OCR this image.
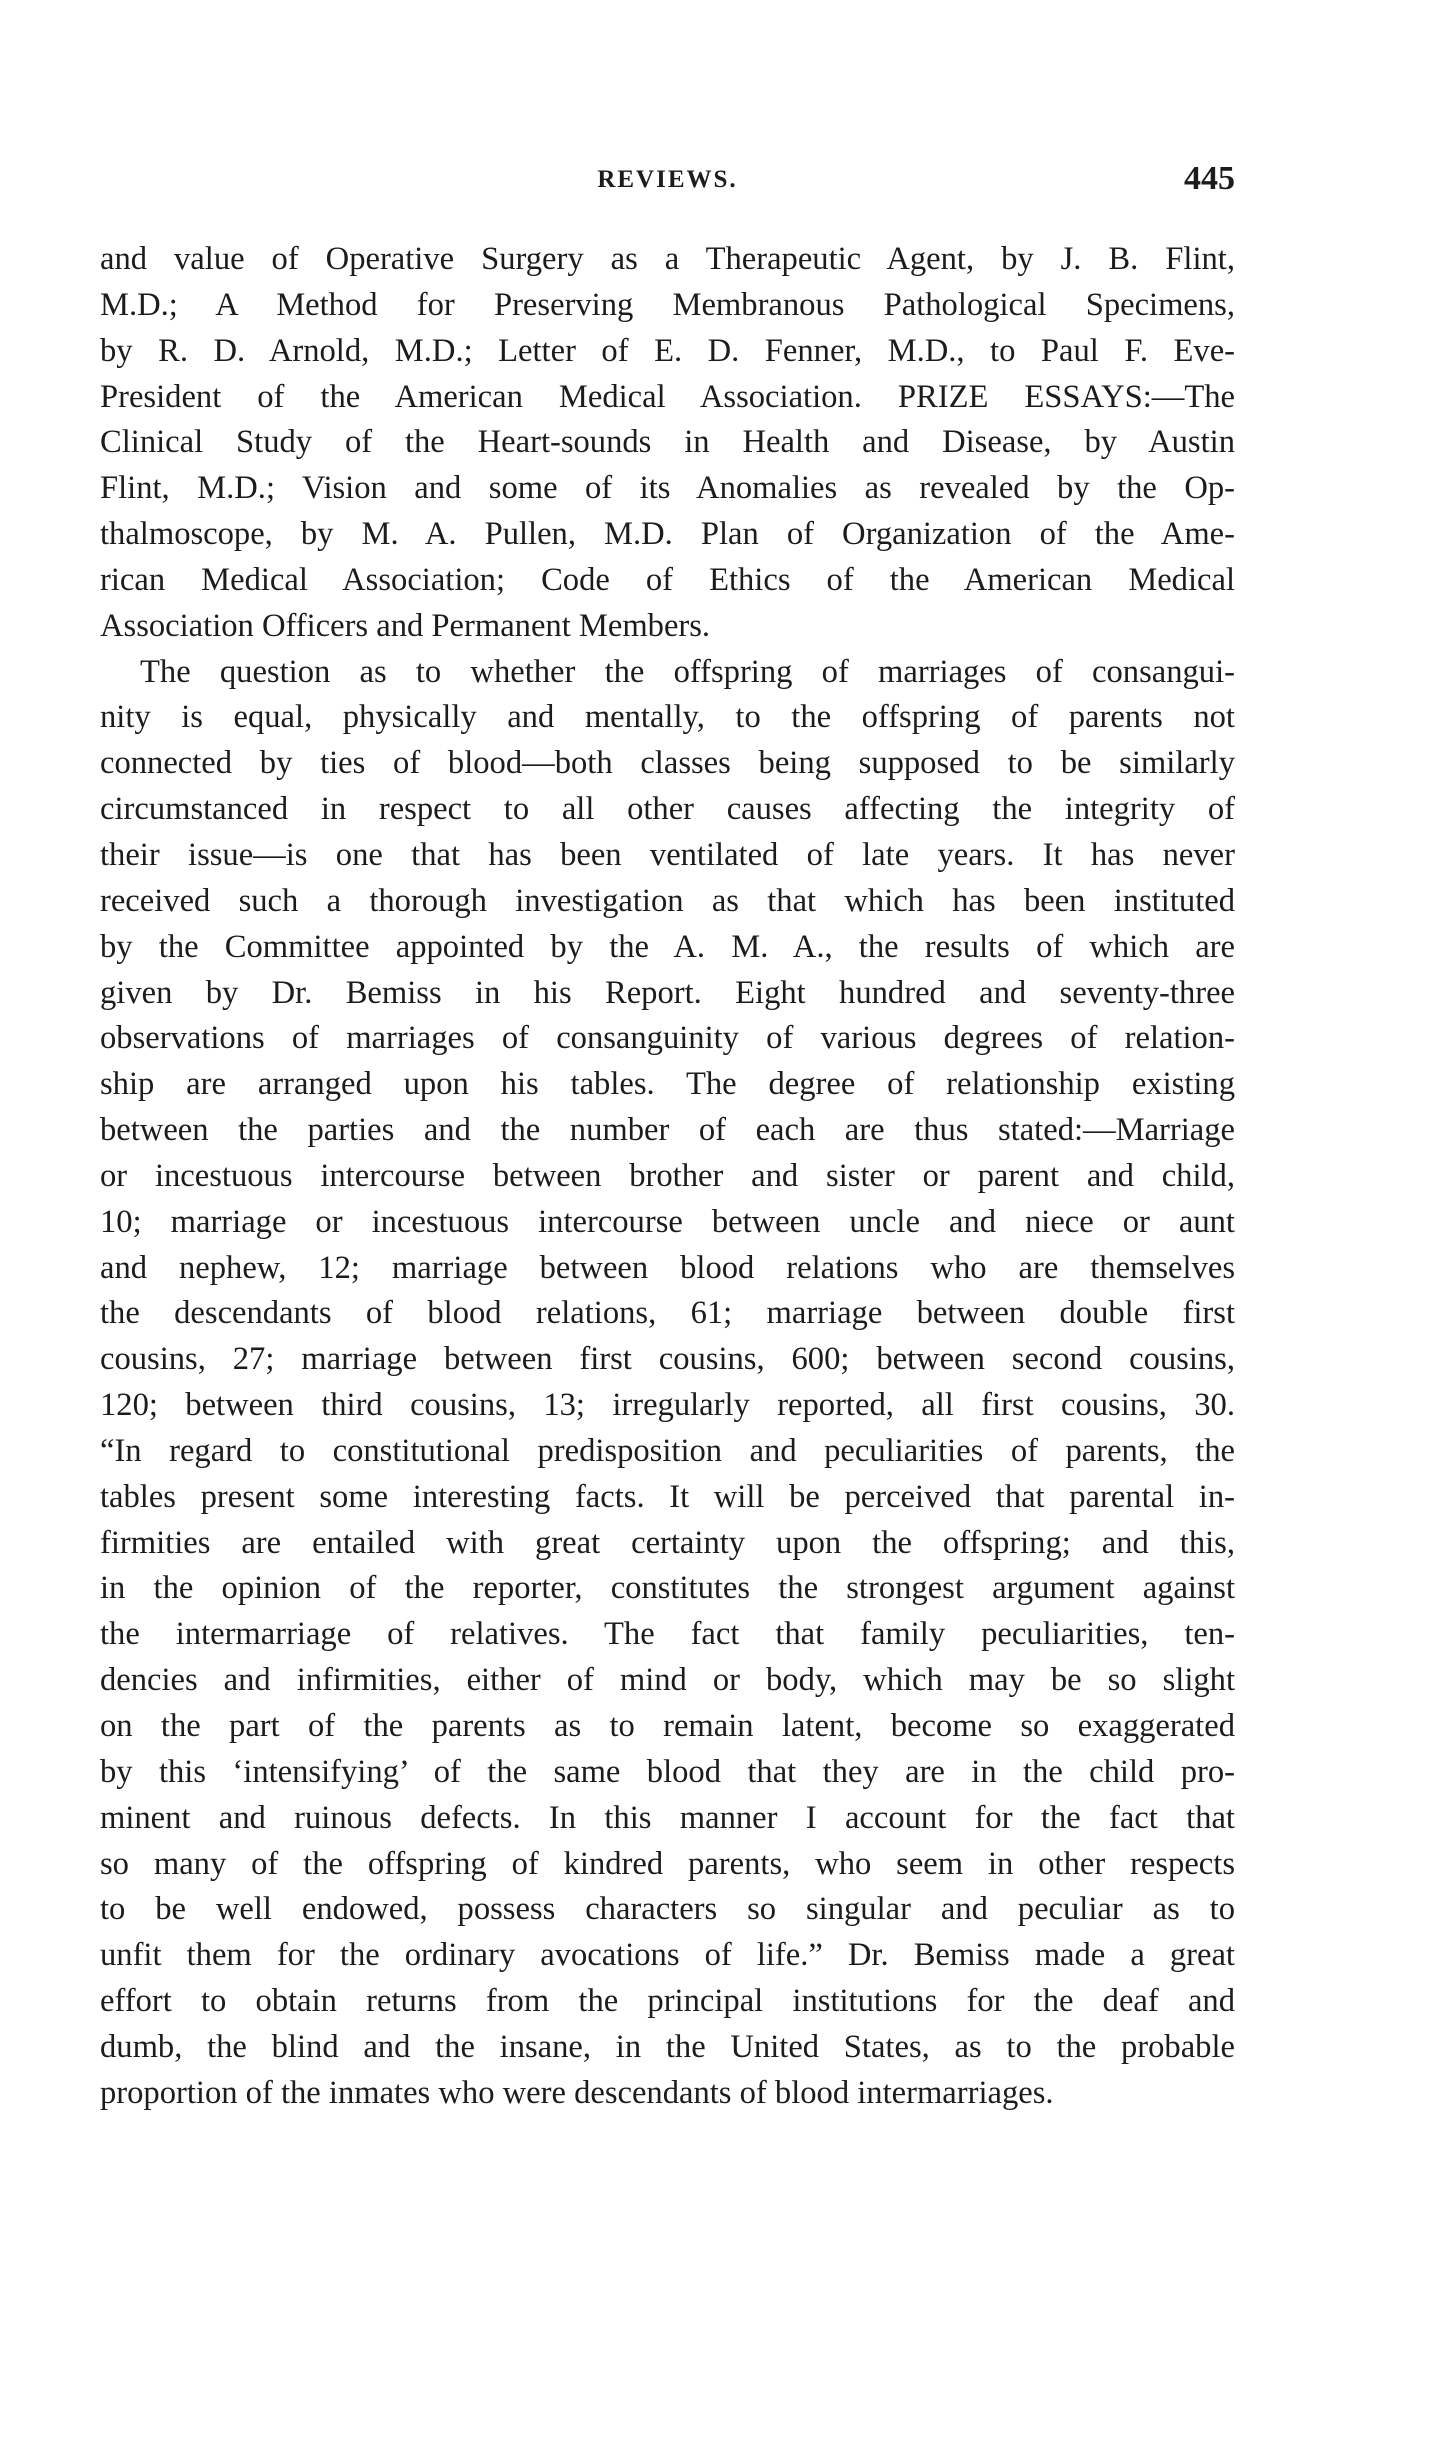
REVIEWS.	445
and value of Operative Surgery as a Therapeutic Agent, by J. B. Flint,
M.D.; A Method for Preserving Membranous Pathological Specimens,
by R. D. Arnold, M.D.; Letter of E. D. Fenner, M.D., to Paul F. Eve-
President of the American Medical Association. PRIZE ESSAYS:—The
Clinical Study of the Heart-sounds in Health and Disease, by Austin
Flint, M.D.; Vision and some of its Anomalies as revealed by the Op-
thalmoscope, by M. A. Pullen, M.D. Plan of Organization of the Ame-
rican Medical Association; Code of Ethics of the American Medical
Association Officers and Permanent Members.
The question as to whether the offspring of marriages of consangui-
nity is equal, physically and mentally, to the offspring of parents not
connected by ties of blood—both classes being supposed to be similarly
circumstanced in respect to all other causes affecting the integrity of
their issue—is one that has been ventilated of late years. It has never
received such a thorough investigation as that which has been instituted
by the Committee appointed by the A. M. A., the results of which are
given by Dr. Bemiss in his Report. Eight hundred and seventy-three
observations of marriages of consanguinity of various degrees of relation-
ship are arranged upon his tables. The degree of relationship existing
between the parties and the number of each are thus stated:—Marriage
or incestuous intercourse between brother and sister or parent and child,
10; marriage or incestuous intercourse between uncle and niece or aunt
and nephew, 12; marriage between blood relations who are themselves
the descendants of blood relations, 61; marriage between double first
cousins, 27; marriage between first cousins, 600; between second cousins,
120; between third cousins, 13; irregularly reported, all first cousins, 30.
“In regard to constitutional predisposition and peculiarities of parents, the
tables present some interesting facts. It will be perceived that parental in-
firmities are entailed with great certainty upon the offspring; and this,
in the opinion of the reporter, constitutes the strongest argument against
the intermarriage of relatives. The fact that family peculiarities, ten-
dencies and infirmities, either of mind or body, which may be so slight
on the part of the parents as to remain latent, become so exaggerated
by this ‘intensifying’ of the same blood that they are in the child pro-
minent and ruinous defects. In this manner I account for the fact that
so many of the offspring of kindred parents, who seem in other respects
to be well endowed, possess characters so singular and peculiar as to
unfit them for the ordinary avocations of life.” Dr. Bemiss made a great
effort to obtain returns from the principal institutions for the deaf and
dumb, the blind and the insane, in the United States, as to the probable
proportion of the inmates who were descendants of blood intermarriages.
